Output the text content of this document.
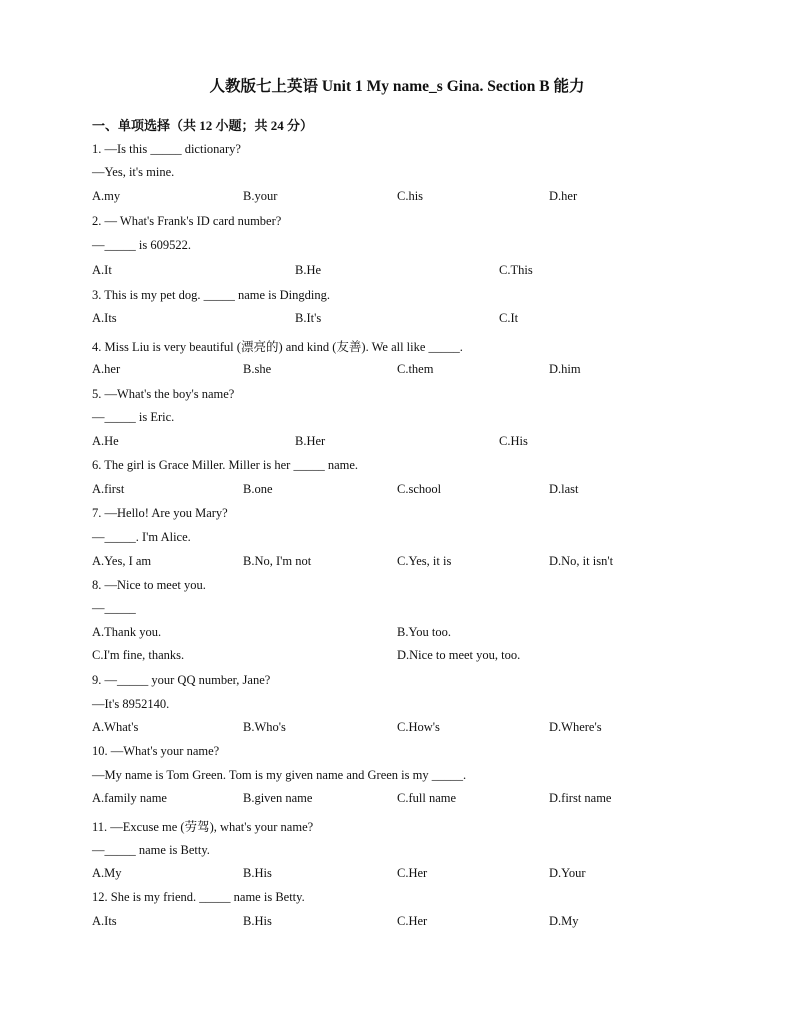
人教版七上英语 Unit 1 My name_s Gina. Section B 能力
一、单项选择（共 12 小题；共 24 分）
1. —Is this _____ dictionary?
—Yes, it's mine.
A.my	B.your	C.his	D.her
2. — What's Frank's ID card number?
—_____ is 609522.
A.It	B.He	C.This
3. This is my pet dog. _____ name is Dingding.
A.Its	B.It's	C.It
4. Miss Liu is very beautiful (漂亮的) and kind (友善). We all like _____.
A.her	B.she	C.them	D.him
5. —What's the boy's name?
—_____ is Eric.
A.He	B.Her	C.His
6. The girl is Grace Miller. Miller is her _____ name.
A.first	B.one	C.school	D.last
7. —Hello! Are you Mary?
—_____. I'm Alice.
A.Yes, I am	B.No, I'm not	C.Yes, it is	D.No, it isn't
8. —Nice to meet you.
—_____
A.Thank you.	B.You too.
C.I'm fine, thanks.	D.Nice to meet you, too.
9. —_____ your QQ number, Jane?
—It's 8952140.
A.What's	B.Who's	C.How's	D.Where's
10. —What's your name?
—My name is Tom Green. Tom is my given name and Green is my _____.
A.family name	B.given name	C.full name	D.first name
11. —Excuse me (劳驾), what's your name?
—_____ name is Betty.
A.My	B.His	C.Her	D.Your
12. She is my friend. _____ name is Betty.
A.Its	B.His	C.Her	D.My
